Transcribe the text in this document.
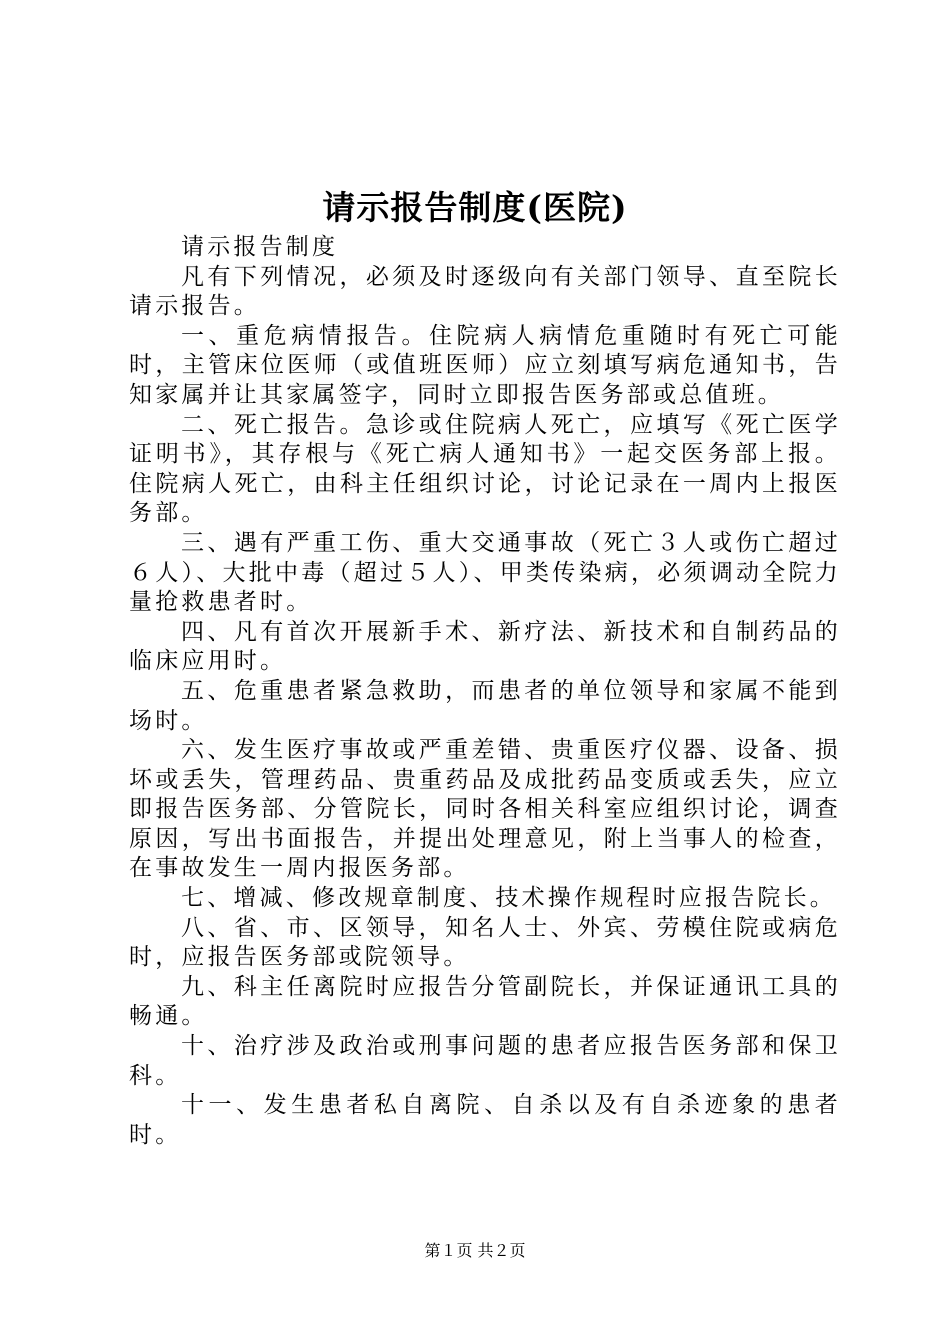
请示报告制度(医院)

请示报告制度

凡有下列情况，必须及时逐级向有关部门领导、直至院长请示报告。

一、重危病情报告。住院病人病情危重随时有死亡可能时，主管床位医师（或值班医师）应立刻填写病危通知书，告知家属并让其家属签字，同时立即报告医务部或总值班。

二、死亡报告。急诊或住院病人死亡，应填写《死亡医学证明书》，其存根与《死亡病人通知书》一起交医务部上报。住院病人死亡，由科主任组织讨论，讨论记录在一周内上报医务部。

三、遇有严重工伤、重大交通事故（死亡３人或伤亡超过６人）、大批中毒（超过５人）、甲类传染病，必须调动全院力量抢救患者时。

四、凡有首次开展新手术、新疗法、新技术和自制药品的临床应用时。

五、危重患者紧急救助，而患者的单位领导和家属不能到场时。

六、发生医疗事故或严重差错、贵重医疗仪器、设备、损坏或丢失，管理药品、贵重药品及成批药品变质或丢失，应立即报告医务部、分管院长，同时各相关科室应组织讨论，调查原因，写出书面报告，并提出处理意见，附上当事人的检查，在事故发生一周内报医务部。

七、增减、修改规章制度、技术操作规程时应报告院长。

八、省、市、区领导，知名人士、外宾、劳模住院或病危时，应报告医务部或院领导。

九、科主任离院时应报告分管副院长，并保证通讯工具的畅通。

十、治疗涉及政治或刑事问题的患者应报告医务部和保卫科。

十一、发生患者私自离院、自杀以及有自杀迹象的患者时。

第１页 共２页
